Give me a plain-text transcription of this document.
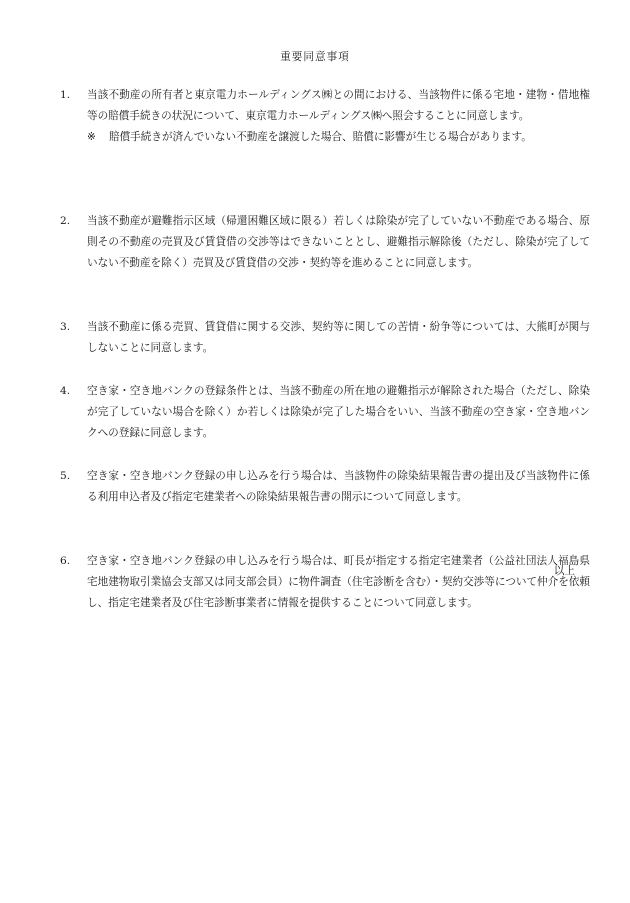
重要同意事項
1.	当該不動産の所有者と東京電力ホールディングス㈱との間における、当該物件に係る宅地・建物・借地権等の賠償手続きの状況について、東京電力ホールディングス㈱へ照会することに同意します。
※ 賠償手続きが済んでいない不動産を譲渡した場合、賠償に影響が生じる場合があります。
2.	当該不動産が避難指示区域（帰還困難区域に限る）若しくは除染が完了していない不動産である場合、原則その不動産の売買及び賃貸借の交渉等はできないこととし、避難指示解除後（ただし、除染が完了していない不動産を除く）売買及び賃貸借の交渉・契約等を進めることに同意します。
3.	当該不動産に係る売買、賃貸借に関する交渉、契約等に関しての苦情・紛争等については、大熊町が関与しないことに同意します。
4.	空き家・空き地バンクの登録条件とは、当該不動産の所在地の避難指示が解除された場合（ただし、除染が完了していない場合を除く）か若しくは除染が完了した場合をいい、当該不動産の空き家・空き地バンクへの登録に同意します。
5.	空き家・空き地バンク登録の申し込みを行う場合は、当該物件の除染結果報告書の提出及び当該物件に係る利用申込者及び指定宅建業者への除染結果報告書の開示について同意します。
6.	空き家・空き地バンク登録の申し込みを行う場合は、町長が指定する指定宅建業者（公益社団法人福島県宅地建物取引業協会支部又は同支部会員）に物件調査（住宅診断を含む）・契約交渉等について仲介を依頼し、指定宅建業者及び住宅診断事業者に情報を提供することについて同意します。
以上
